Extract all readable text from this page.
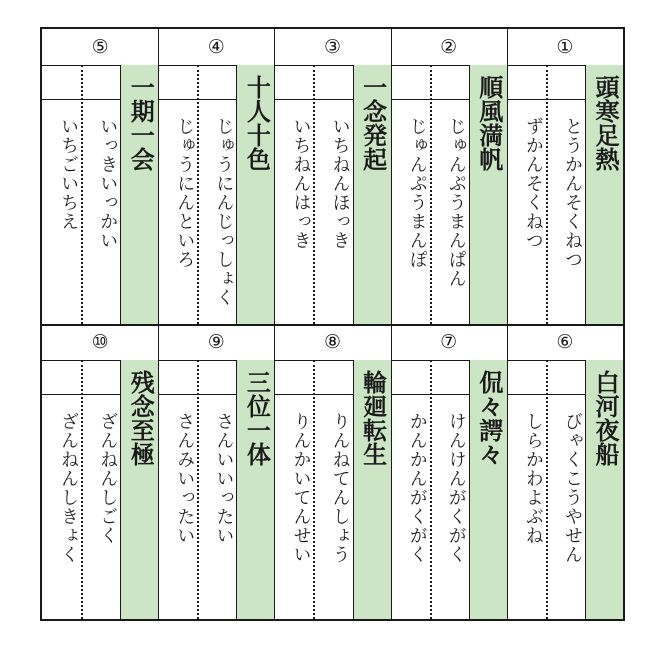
⑤
いちごいちえ	いっきいっかい 一期一会
④
じゅうにんといろ	じゅうにんじっしょく 十人十色
③
いちねんはっき	いちねんほっき 一念発起
②
じゅんぷうまんぽ	じゅんぷうまんぱん 順風満帆
①
ずかんそくねつ	とうかんそくねつ 頭寒足熱
⑩
ざんねんしきょく	ざんねんしごく 残念至極
⑨
さんみいったい	さんいいったい 三位一体
⑧
りんかいてんせい	りんねてんしょう 輪廻転生
⑦
かんかんがくがく	けんけんがくがく 侃々諤々
⑥
しらかわよぶね	びゃくこうやせん 白河夜船
